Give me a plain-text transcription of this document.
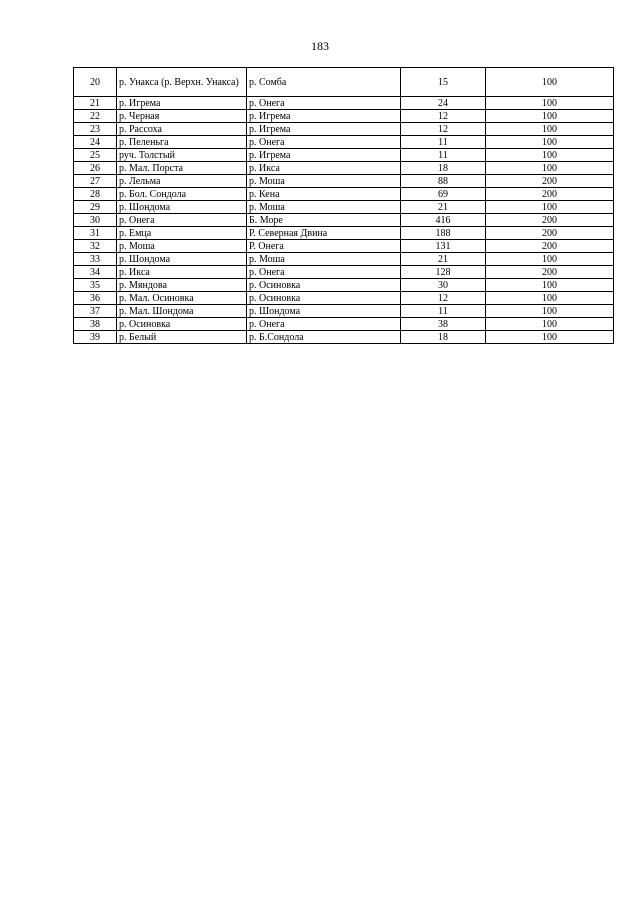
183
20	р. Унакса (р. Верхн. Унакса)	р. Сомба	15	100
21	р. Игрема	р. Онега	24	100
22	р. Черная	р. Игрема	12	100
23	р. Рассоха	р. Игрема	12	100
24	р. Пеленьга	р. Онега	11	100
25	руч. Толстый	р. Игрема	11	100
26	р. Мал. Порста	р. Икса	18	100
27	р. Лельма	р. Моша	88	200
28	р. Бол. Сондола	р. Кена	69	200
29	р. Шондома	р. Моша	21	100
30	р. Онега	Б. Море	416	200
31	р. Емца	Р. Северная Двина	188	200
32	р. Моша	Р. Онега	131	200
33	р. Шондома	р. Моша	21	100
34	р. Икса	р. Онега	128	200
35	р. Мяндова	р. Осиновка	30	100
36	р. Мал. Осиновка	р. Осиновка	12	100
37	р. Мал. Шондома	р. Шондома	11	100
38	р. Осиновка	р. Онега	38	100
39	р. Белый	р. Б.Сондола	18	100
